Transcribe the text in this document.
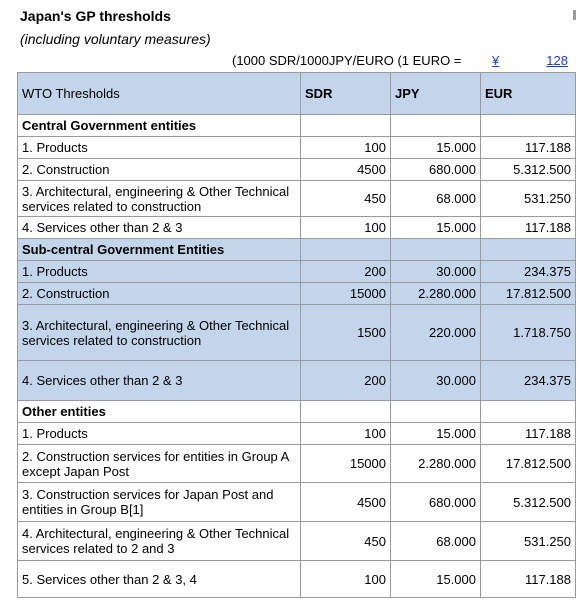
Japan's GP thresholds
(including voluntary measures)
(1000 SDR/1000JPY/EURO (1 EURO = ¥	128
WTO Thresholds	SDR	JPY	EUR
Central Government entities			
1. Products	100	15.000	117.188
2. Construction	4500	680.000	5.312.500
3. Architectural, engineering & Other Technical services related to construction	450	68.000	531.250
4. Services other than 2 & 3	100	15.000	117.188
Sub-central Government Entities			
1. Products	200	30.000	234.375
2. Construction	15000	2.280.000	17.812.500
3. Architectural, engineering & Other Technical services related to construction	1500	220.000	1.718.750
4. Services other than 2 & 3	200	30.000	234.375
Other entities			
1. Products	100	15.000	117.188
2. Construction services for entities in Group A except Japan Post	15000	2.280.000	17.812.500
3. Construction services for Japan Post and entities in Group B[1]	4500	680.000	5.312.500
4. Architectural, engineering & Other Technical services related to 2 and 3	450	68.000	531.250
5. Services other than 2 & 3, 4	100	15.000	117.188
